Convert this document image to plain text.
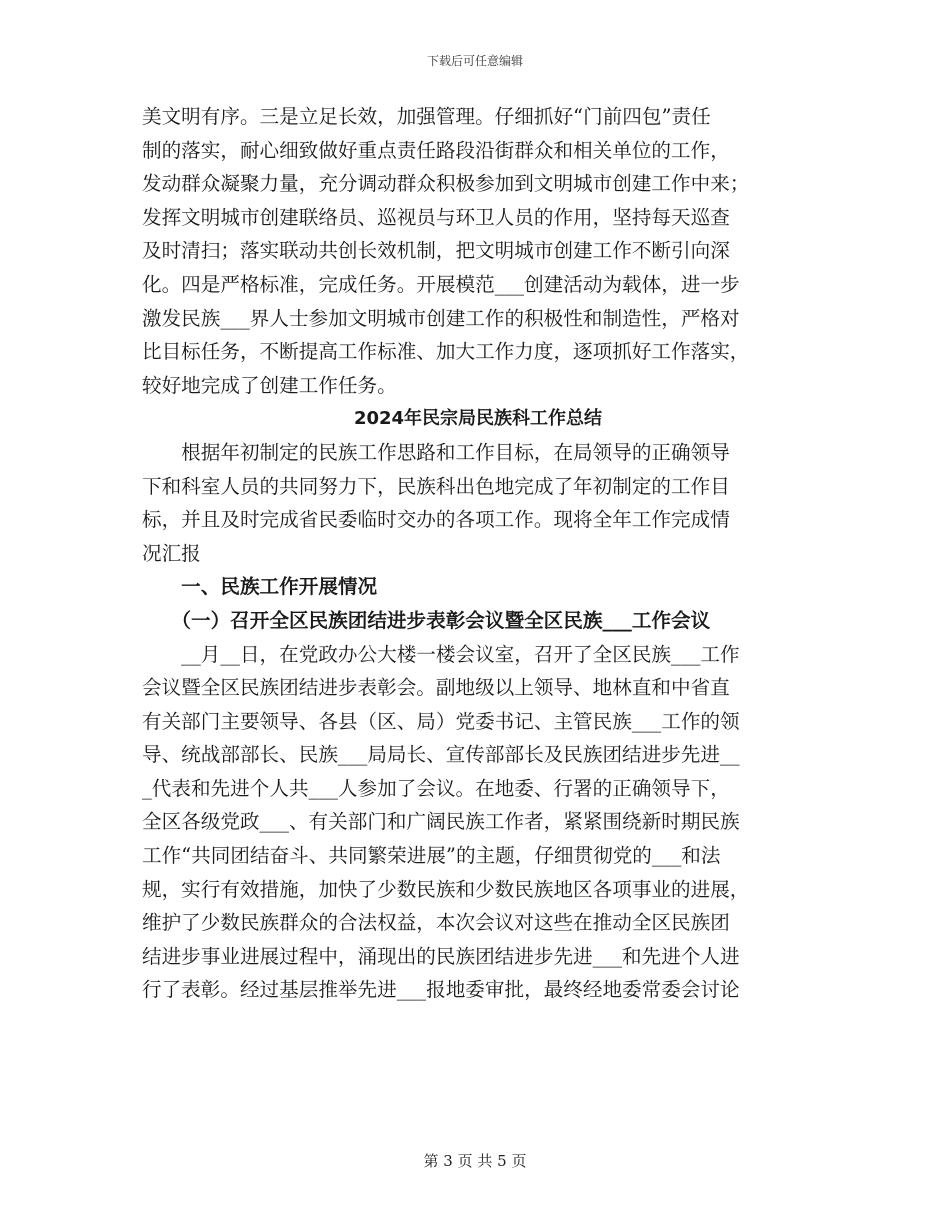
下载后可任意编辑
美文明有序。三是立足长效，加强管理。仔细抓好“门前四包”责任
制的落实，耐心细致做好重点责任路段沿街群众和相关单位的工作，
发动群众凝聚力量，充分调动群众积极参加到文明城市创建工作中来；
发挥文明城市创建联络员、巡视员与环卫人员的作用，坚持每天巡查
及时清扫；落实联动共创长效机制，把文明城市创建工作不断引向深
化。四是严格标准，完成任务。开展模范___创建活动为载体，进一步
激发民族___界人士参加文明城市创建工作的积极性和制造性，严格对
比目标任务，不断提高工作标准、加大工作力度，逐项抓好工作落实，
较好地完成了创建工作任务。
2024年民宗局民族科工作总结
　　根据年初制定的民族工作思路和工作目标，在局领导的正确领导
下和科室人员的共同努力下，民族科出色地完成了年初制定的工作目
标，并且及时完成省民委临时交办的各项工作。现将全年工作完成情
况汇报
　　一、民族工作开展情况
　　（一）召开全区民族团结进步表彰会议暨全区民族___工作会议
　　__月__日，在党政办公大楼一楼会议室，召开了全区民族___工作
会议暨全区民族团结进步表彰会。副地级以上领导、地林直和中省直
有关部门主要领导、各县（区、局）党委书记、主管民族___工作的领
导、统战部部长、民族___局局长、宣传部部长及民族团结进步先进__
_代表和先进个人共___人参加了会议。在地委、行署的正确领导下，
全区各级党政___、有关部门和广阔民族工作者，紧紧围绕新时期民族
工作“共同团结奋斗、共同繁荣进展”的主题，仔细贯彻党的___和法
规，实行有效措施，加快了少数民族和少数民族地区各项事业的进展，
维护了少数民族群众的合法权益，本次会议对这些在推动全区民族团
结进步事业进展过程中，涌现出的民族团结进步先进___和先进个人进
行了表彰。经过基层推举先进___报地委审批，最终经地委常委会讨论
第 3 页 共 5 页
